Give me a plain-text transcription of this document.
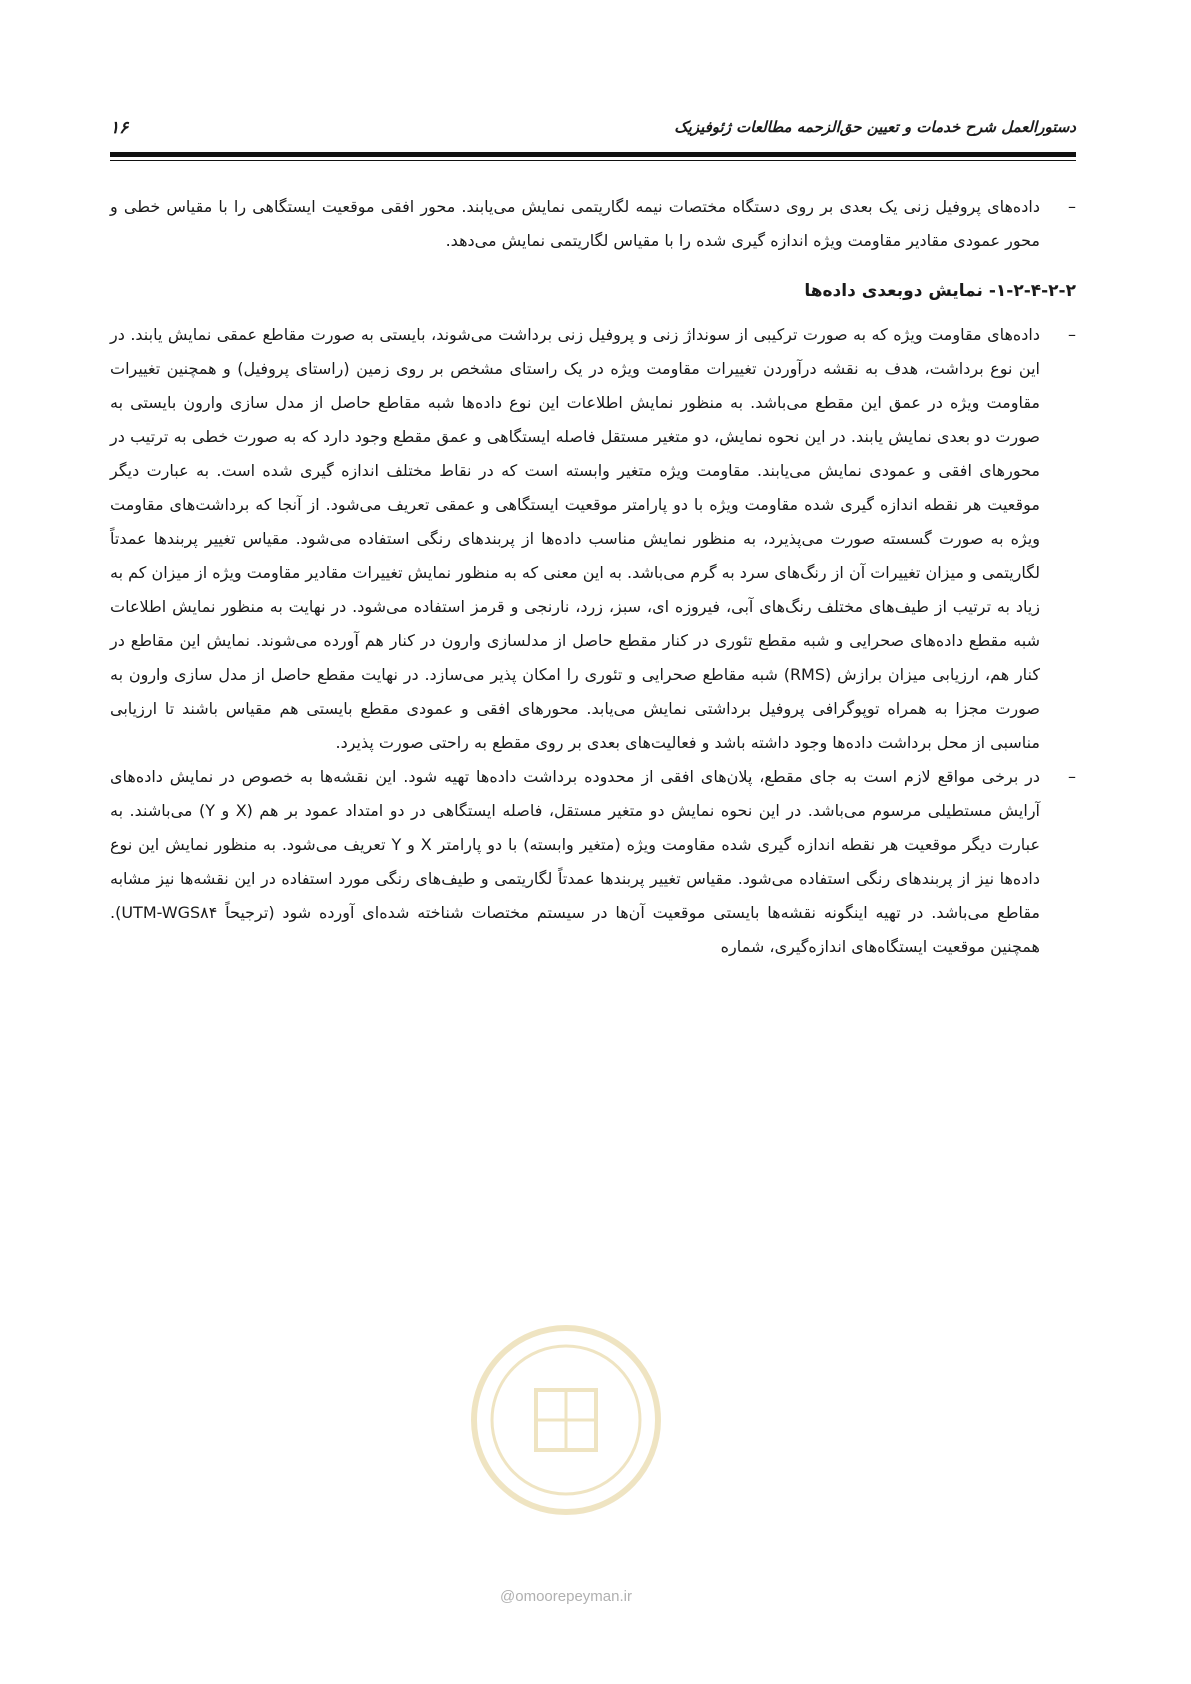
۱۶	دستورالعمل شرح خدمات و تعیین حق‌الزحمه مطالعات ژئوفیزیک

–
داده‌های پروفیل زنی یک بعدی بر روی دستگاه مختصات نیمه لگاریتمی نمایش می‌یابند. محور افقی موقعیت ایستگاهی را با مقیاس خطی و محور عمودی مقادیر مقاومت ویژه اندازه گیری شده را با مقیاس لگاریتمی نمایش می‌دهد.

۱-۲-۴-۲-۲- نمایش دوبعدی داده‌ها

–
داده‌های مقاومت ویژه که به صورت ترکیبی از سونداژ زنی و پروفیل زنی برداشت می‌شوند، بایستی به صورت مقاطع عمقی نمایش یابند. در این نوع برداشت، هدف به نقشه درآوردن تغییرات مقاومت ویژه در یک راستای مشخص بر روی زمین (راستای پروفیل) و همچنین تغییرات مقاومت ویژه در عمق این مقطع می‌باشد. به منظور نمایش اطلاعات این نوع داده‌ها شبه مقاطع حاصل از مدل سازی وارون بایستی به صورت دو بعدی نمایش یابند. در این نحوه نمایش، دو متغیر مستقل فاصله ایستگاهی و عمق مقطع وجود دارد که به صورت خطی به ترتیب در محورهای افقی و عمودی نمایش می‌یابند. مقاومت ویژه متغیر وابسته است که در نقاط مختلف اندازه گیری شده است. به عبارت دیگر موقعیت هر نقطه اندازه گیری شده مقاومت ویژه با دو پارامتر موقعیت ایستگاهی و عمقی تعریف می‌شود. از آنجا که برداشت‌های مقاومت ویژه به صورت گسسته صورت می‌پذیرد، به منظور نمایش مناسب داده‌ها از پربندهای رنگی استفاده می‌شود. مقیاس تغییر پربندها عمدتاً لگاریتمی و میزان تغییرات آن از رنگ‌های سرد به گرم می‌باشد. به این معنی که به منظور نمایش تغییرات مقادیر مقاومت ویژه از میزان کم به زیاد به ترتیب از طیف‌های مختلف رنگ‌های آبی، فیروزه ای، سبز، زرد، نارنجی و قرمز استفاده می‌شود. در نهایت به منظور نمایش اطلاعات شبه مقطع داده‌های صحرایی و شبه مقطع تئوری در کنار مقطع حاصل از مدلسازی وارون در کنار هم آورده می‌شوند. نمایش این مقاطع در کنار هم، ارزیابی میزان برازش (RMS) شبه مقاطع صحرایی و تئوری را امکان پذیر می‌سازد. در نهایت مقطع حاصل از مدل سازی وارون به صورت مجزا به همراه توپوگرافی پروفیل برداشتی نمایش می‌یابد. محورهای افقی و عمودی مقطع بایستی هم مقیاس باشند تا ارزیابی مناسبی از محل برداشت داده‌ها وجود داشته باشد و فعالیت‌های بعدی بر روی مقطع به راحتی صورت پذیرد.

–
در برخی مواقع لازم است به جای مقطع، پلان‌های افقی از محدوده برداشت داده‌ها تهیه شود. این نقشه‌ها به خصوص در نمایش داده‌های آرایش مستطیلی مرسوم می‌باشد. در این نحوه نمایش دو متغیر مستقل، فاصله ایستگاهی در دو امتداد عمود بر هم (X و Y) می‌باشند. به عبارت دیگر موقعیت هر نقطه اندازه گیری شده مقاومت ویژه (متغیر وابسته) با دو پارامتر X و Y تعریف می‌شود. به منظور نمایش این نوع داده‌ها نیز از پربندهای رنگی استفاده می‌شود. مقیاس تغییر پربندها عمدتاً لگاریتمی و طیف‌های رنگی مورد استفاده در این نقشه‌ها نیز مشابه مقاطع می‌باشد. در تهیه اینگونه نقشه‌ها بایستی موقعیت آن‌ها در سیستم مختصات شناخته شده‌ای آورده شود (ترجیحاً UTM-WGS۸۴). همچنین موقعیت ایستگاه‌های اندازه‌گیری، شماره

@omoorepeyman.ir
